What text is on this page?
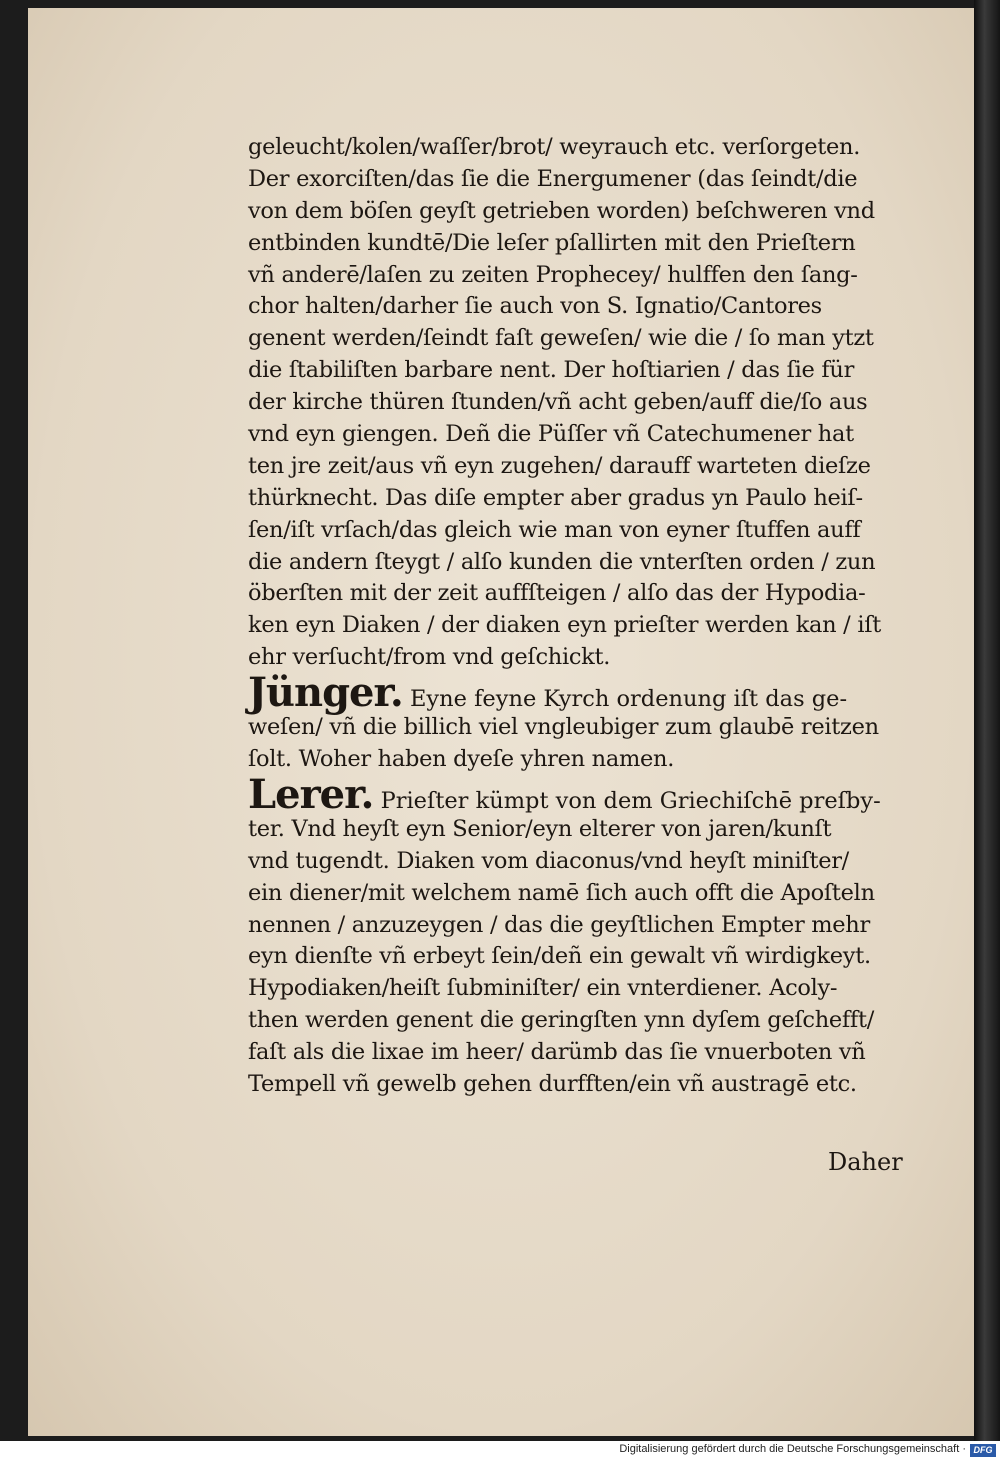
geleucht/kolen/waſſer/brot/ weyrauch etc. verſorgeten.
Der exorciſten/das ſie die Energumener (das ſeindt/die
von dem böſen geyſt getrieben worden) beſchweren vnd
entbinden kundtē/Die leſer pſallirten mit den Prieſtern
vñ anderē/laſen zu zeiten Prophecey/ hulffen den ſang-
chor halten/darher ſie auch von S. Ignatio/Cantores
genent werden/ſeindt faſt geweſen/ wie die / ſo man ytzt
die ſtabiliſten barbare nent. Der hoſtiarien / das ſie für
der kirche thüren ſtunden/vñ acht geben/auff die/ſo aus
vnd eyn giengen. Deñ die Püſſer vñ Catechumener hat
ten jre zeit/aus vñ eyn zugehen/ darauff warteten dieſze
thürknecht. Das diſe empter aber gradus yn Paulo heiſ-
ſen/iſt vrſach/das gleich wie man von eyner ſtuffen auff
die andern ſteygt / alſo kunden die vnterſten orden / zun
öberſten mit der zeit auffſteigen / alſo das der Hypodia-
ken eyn Diaken / der diaken eyn prieſter werden kan / iſt
ehr verſucht/from vnd geſchickt.
Jünger. Eyne feyne Kyrch ordenung iſt das ge-
weſen/ vñ die billich viel vngleubiger zum glaubē reitzen
ſolt. Woher haben dyeſe yhren namen.
Lerer. Prieſter kümpt von dem Griechiſchē preſby-
ter. Vnd heyſt eyn Senior/eyn elterer von jaren/kunſt
vnd tugendt. Diaken vom diaconus/vnd heyſt miniſter/
ein diener/mit welchem namē ſich auch offt die Apoſteln
nennen / anzuzeygen / das die geyſtlichen Empter mehr
eyn dienſte vñ erbeyt ſein/deñ ein gewalt vñ wirdigkeyt.
Hypodiaken/heiſt ſubminiſter/ ein vnterdiener. Acoly-
then werden genent die geringſten ynn dyſem geſchefft/
faſt als die lixae im heer/ darümb das ſie vnuerboten vñ
Tempell vñ gewelb gehen durfften/ein vñ austragē etc.
Daher
Digitalisierung gefördert durch die Deutsche Forschungsgemeinschaft · DFG
